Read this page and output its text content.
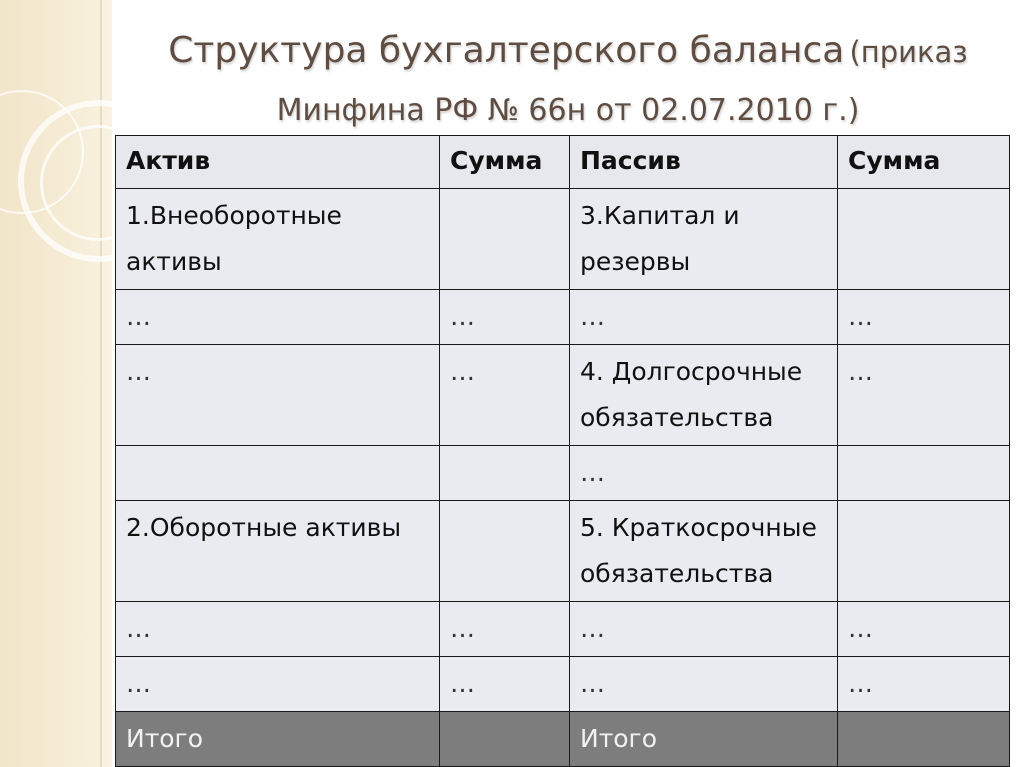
Структура бухгалтерского баланса (приказ
Минфина РФ № 66н от 02.07.2010 г.)
Актив	Сумма	Пассив	Сумма
1.Внеоборотные активы		3.Капитал и резервы	
…	…	…	…
…	…	4. Долгосрочные обязательства	…
		…	
2.Оборотные активы		5. Краткосрочные обязательства	
…	…	…	…
…	…	…	…
Итого		Итого	
